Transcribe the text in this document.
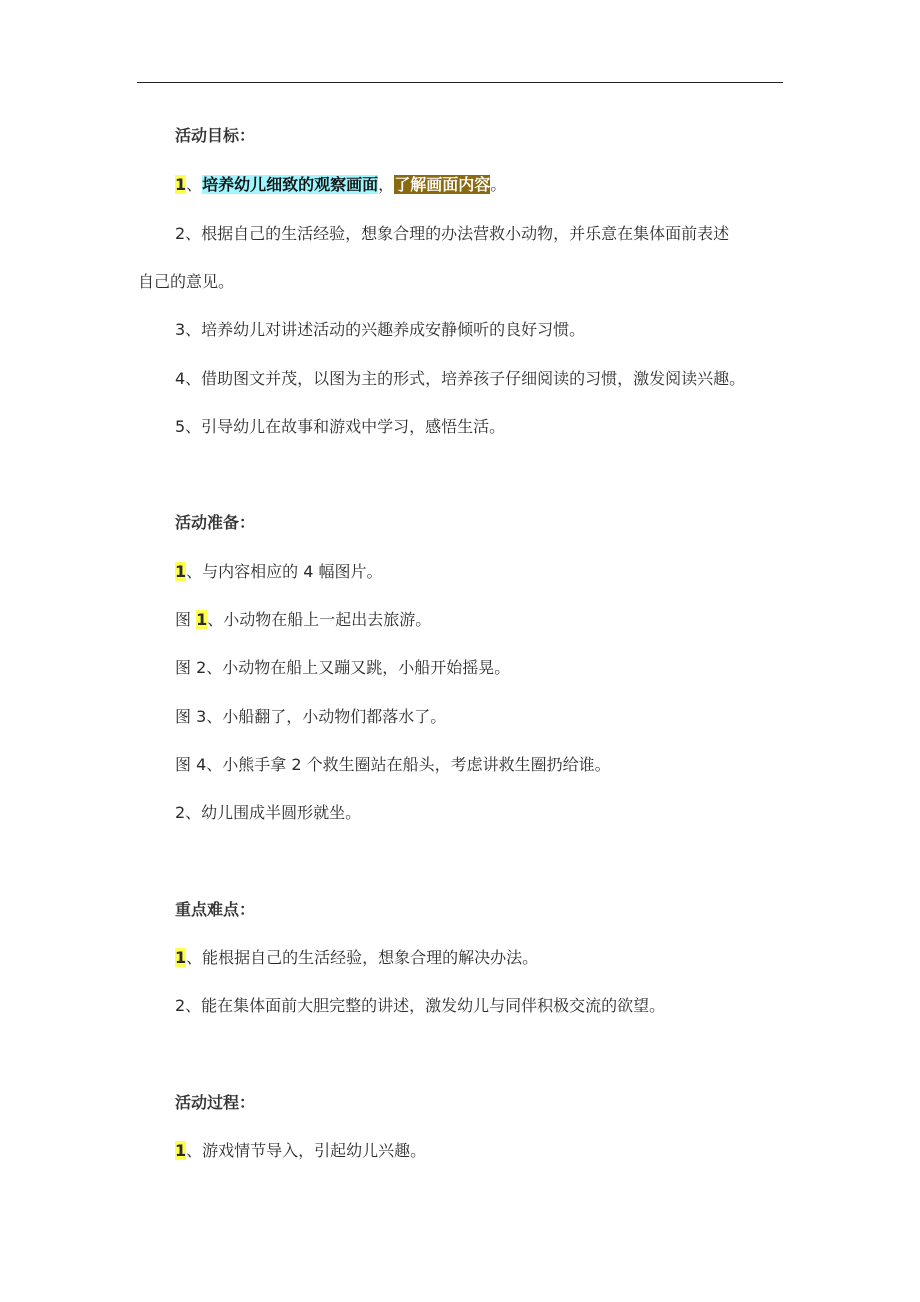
活动目标：
1、培养幼儿细致的观察画面，了解画面内容。
2、根据自己的生活经验，想象合理的办法营救小动物，并乐意在集体面前表述
自己的意见。
3、培养幼儿对讲述活动的兴趣养成安静倾听的良好习惯。
4、借助图文并茂，以图为主的形式，培养孩子仔细阅读的习惯，激发阅读兴趣。
5、引导幼儿在故事和游戏中学习，感悟生活。
活动准备：
1、与内容相应的 4 幅图片。
图 1、小动物在船上一起出去旅游。
图 2、小动物在船上又蹦又跳，小船开始摇晃。
图 3、小船翻了，小动物们都落水了。
图 4、小熊手拿 2 个救生圈站在船头，考虑讲救生圈扔给谁。
2、幼儿围成半圆形就坐。
重点难点：
1、能根据自己的生活经验，想象合理的解决办法。
2、能在集体面前大胆完整的讲述，激发幼儿与同伴积极交流的欲望。
活动过程：
1、游戏情节导入，引起幼儿兴趣。
